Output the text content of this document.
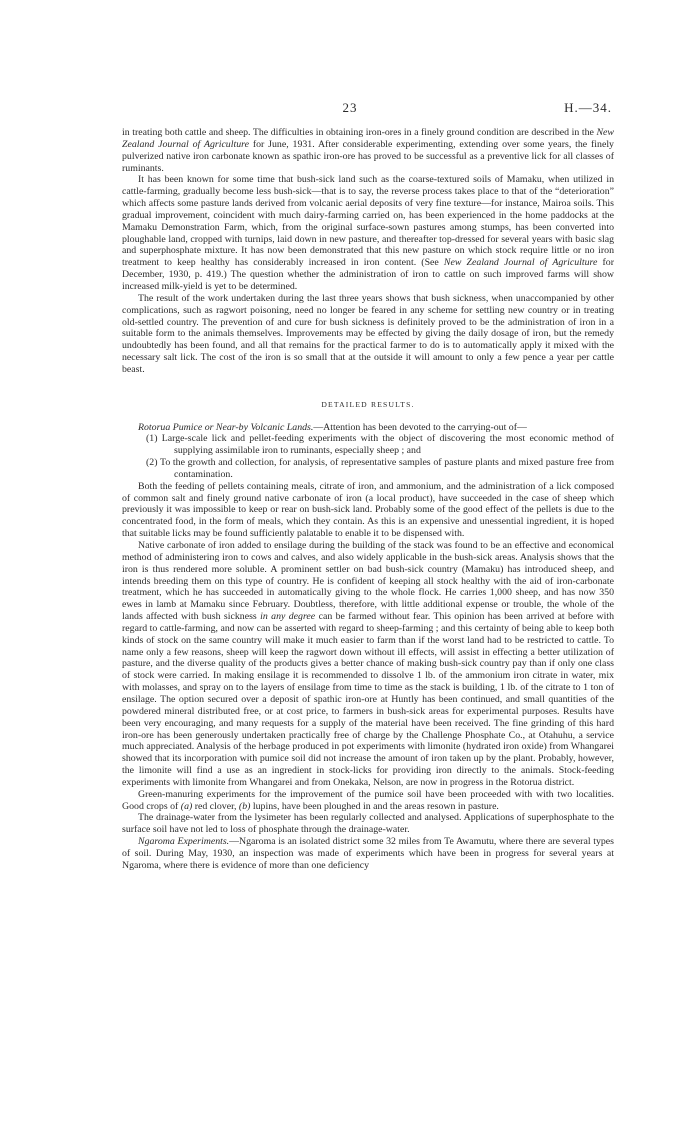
23	H.—34.

in treating both cattle and sheep. The difficulties in obtaining iron-ores in a finely ground condition are described in the New Zealand Journal of Agriculture for June, 1931. After considerable experimenting, extending over some years, the finely pulverized native iron carbonate known as spathic iron-ore has proved to be successful as a preventive lick for all classes of ruminants.

It has been known for some time that bush-sick land such as the coarse-textured soils of Mamaku, when utilized in cattle-farming, gradually become less bush-sick—that is to say, the reverse process takes place to that of the “deterioration” which affects some pasture lands derived from volcanic aerial deposits of very fine texture—for instance, Mairoa soils. This gradual improvement, coincident with much dairy-farming carried on, has been experienced in the home paddocks at the Mamaku Demonstration Farm, which, from the original surface-sown pastures among stumps, has been converted into ploughable land, cropped with turnips, laid down in new pasture, and thereafter top-dressed for several years with basic slag and superphosphate mixture. It has now been demonstrated that this new pasture on which stock require little or no iron treatment to keep healthy has considerably increased in iron content. (See New Zealand Journal of Agriculture for December, 1930, p. 419.) The question whether the administration of iron to cattle on such improved farms will show increased milk-yield is yet to be determined.

The result of the work undertaken during the last three years shows that bush sickness, when unaccompanied by other complications, such as ragwort poisoning, need no longer be feared in any scheme for settling new country or in treating old-settled country. The prevention of and cure for bush sickness is definitely proved to be the administration of iron in a suitable form to the animals themselves. Improvements may be effected by giving the daily dosage of iron, but the remedy undoubtedly has been found, and all that remains for the practical farmer to do is to automatically apply it mixed with the necessary salt lick. The cost of the iron is so small that at the outside it will amount to only a few pence a year per cattle beast.

DETAILED RESULTS.

Rotorua Pumice or Near-by Volcanic Lands.—Attention has been devoted to the carrying-out of—

(1) Large-scale lick and pellet-feeding experiments with the object of discovering the most economic method of supplying assimilable iron to ruminants, especially sheep ; and

(2) To the growth and collection, for analysis, of representative samples of pasture plants and mixed pasture free from contamination.

Both the feeding of pellets containing meals, citrate of iron, and ammonium, and the administration of a lick composed of common salt and finely ground native carbonate of iron (a local product), have succeeded in the case of sheep which previously it was impossible to keep or rear on bush-sick land. Probably some of the good effect of the pellets is due to the concentrated food, in the form of meals, which they contain. As this is an expensive and unessential ingredient, it is hoped that suitable licks may be found sufficiently palatable to enable it to be dispensed with.

Native carbonate of iron added to ensilage during the building of the stack was found to be an effective and economical method of administering iron to cows and calves, and also widely applicable in the bush-sick areas. Analysis shows that the iron is thus rendered more soluble. A prominent settler on bad bush-sick country (Mamaku) has introduced sheep, and intends breeding them on this type of country. He is confident of keeping all stock healthy with the aid of iron-carbonate treatment, which he has succeeded in automatically giving to the whole flock. He carries 1,000 sheep, and has now 350 ewes in lamb at Mamaku since February. Doubtless, therefore, with little additional expense or trouble, the whole of the lands affected with bush sickness in any degree can be farmed without fear. This opinion has been arrived at before with regard to cattle-farming, and now can be asserted with regard to sheep-farming ; and this certainty of being able to keep both kinds of stock on the same country will make it much easier to farm than if the worst land had to be restricted to cattle. To name only a few reasons, sheep will keep the ragwort down without ill effects, will assist in effecting a better utilization of pasture, and the diverse quality of the products gives a better chance of making bush-sick country pay than if only one class of stock were carried. In making ensilage it is recommended to dissolve 1 lb. of the ammonium iron citrate in water, mix with molasses, and spray on to the layers of ensilage from time to time as the stack is building, 1 lb. of the citrate to 1 ton of ensilage. The option secured over a deposit of spathic iron-ore at Huntly has been continued, and small quantities of the powdered mineral distributed free, or at cost price, to farmers in bush-sick areas for experimental purposes. Results have been very encouraging, and many requests for a supply of the material have been received. The fine grinding of this hard iron-ore has been generously undertaken practically free of charge by the Challenge Phosphate Co., at Otahuhu, a service much appreciated. Analysis of the herbage produced in pot experiments with limonite (hydrated iron oxide) from Whangarei showed that its incorporation with pumice soil did not increase the amount of iron taken up by the plant. Probably, however, the limonite will find a use as an ingredient in stock-licks for providing iron directly to the animals. Stock-feeding experiments with limonite from Whangarei and from Onekaka, Nelson, are now in progress in the Rotorua district.

Green-manuring experiments for the improvement of the pumice soil have been proceeded with with two localities. Good crops of (a) red clover, (b) lupins, have been ploughed in and the areas resown in pasture.

The drainage-water from the lysimeter has been regularly collected and analysed. Applications of superphosphate to the surface soil have not led to loss of phosphate through the drainage-water.

Ngaroma Experiments.—Ngaroma is an isolated district some 32 miles from Te Awamutu, where there are several types of soil. During May, 1930, an inspection was made of experiments which have been in progress for several years at Ngaroma, where there is evidence of more than one deficiency
